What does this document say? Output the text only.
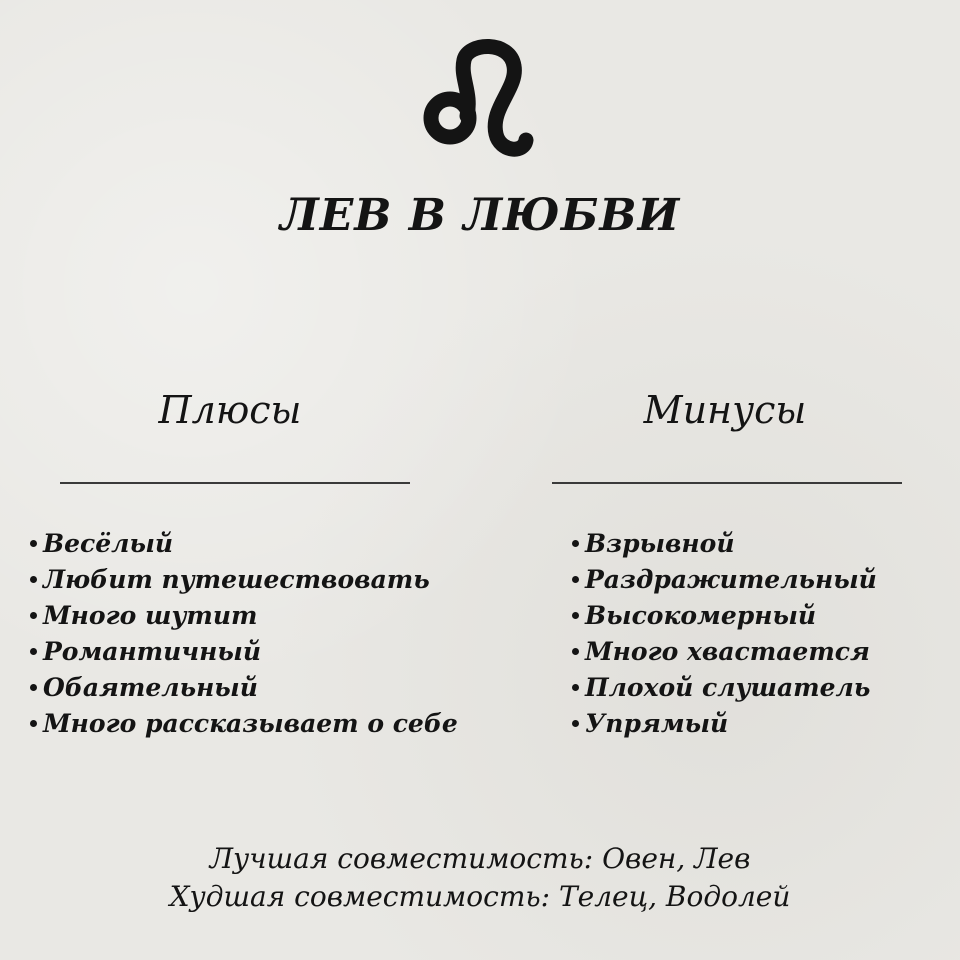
ЛЕВ В ЛЮБВИ
Плюсы	Минусы
Весёлый
Любит путешествовать
Много шутит
Романтичный
Обаятельный
Много рассказывает о себе
Взрывной
Раздражительный
Высокомерный
Много хвастается
Плохой слушатель
Упрямый
Лучшая совместимость: Овен, Лев
Худшая совместимость: Телец, Водолей
